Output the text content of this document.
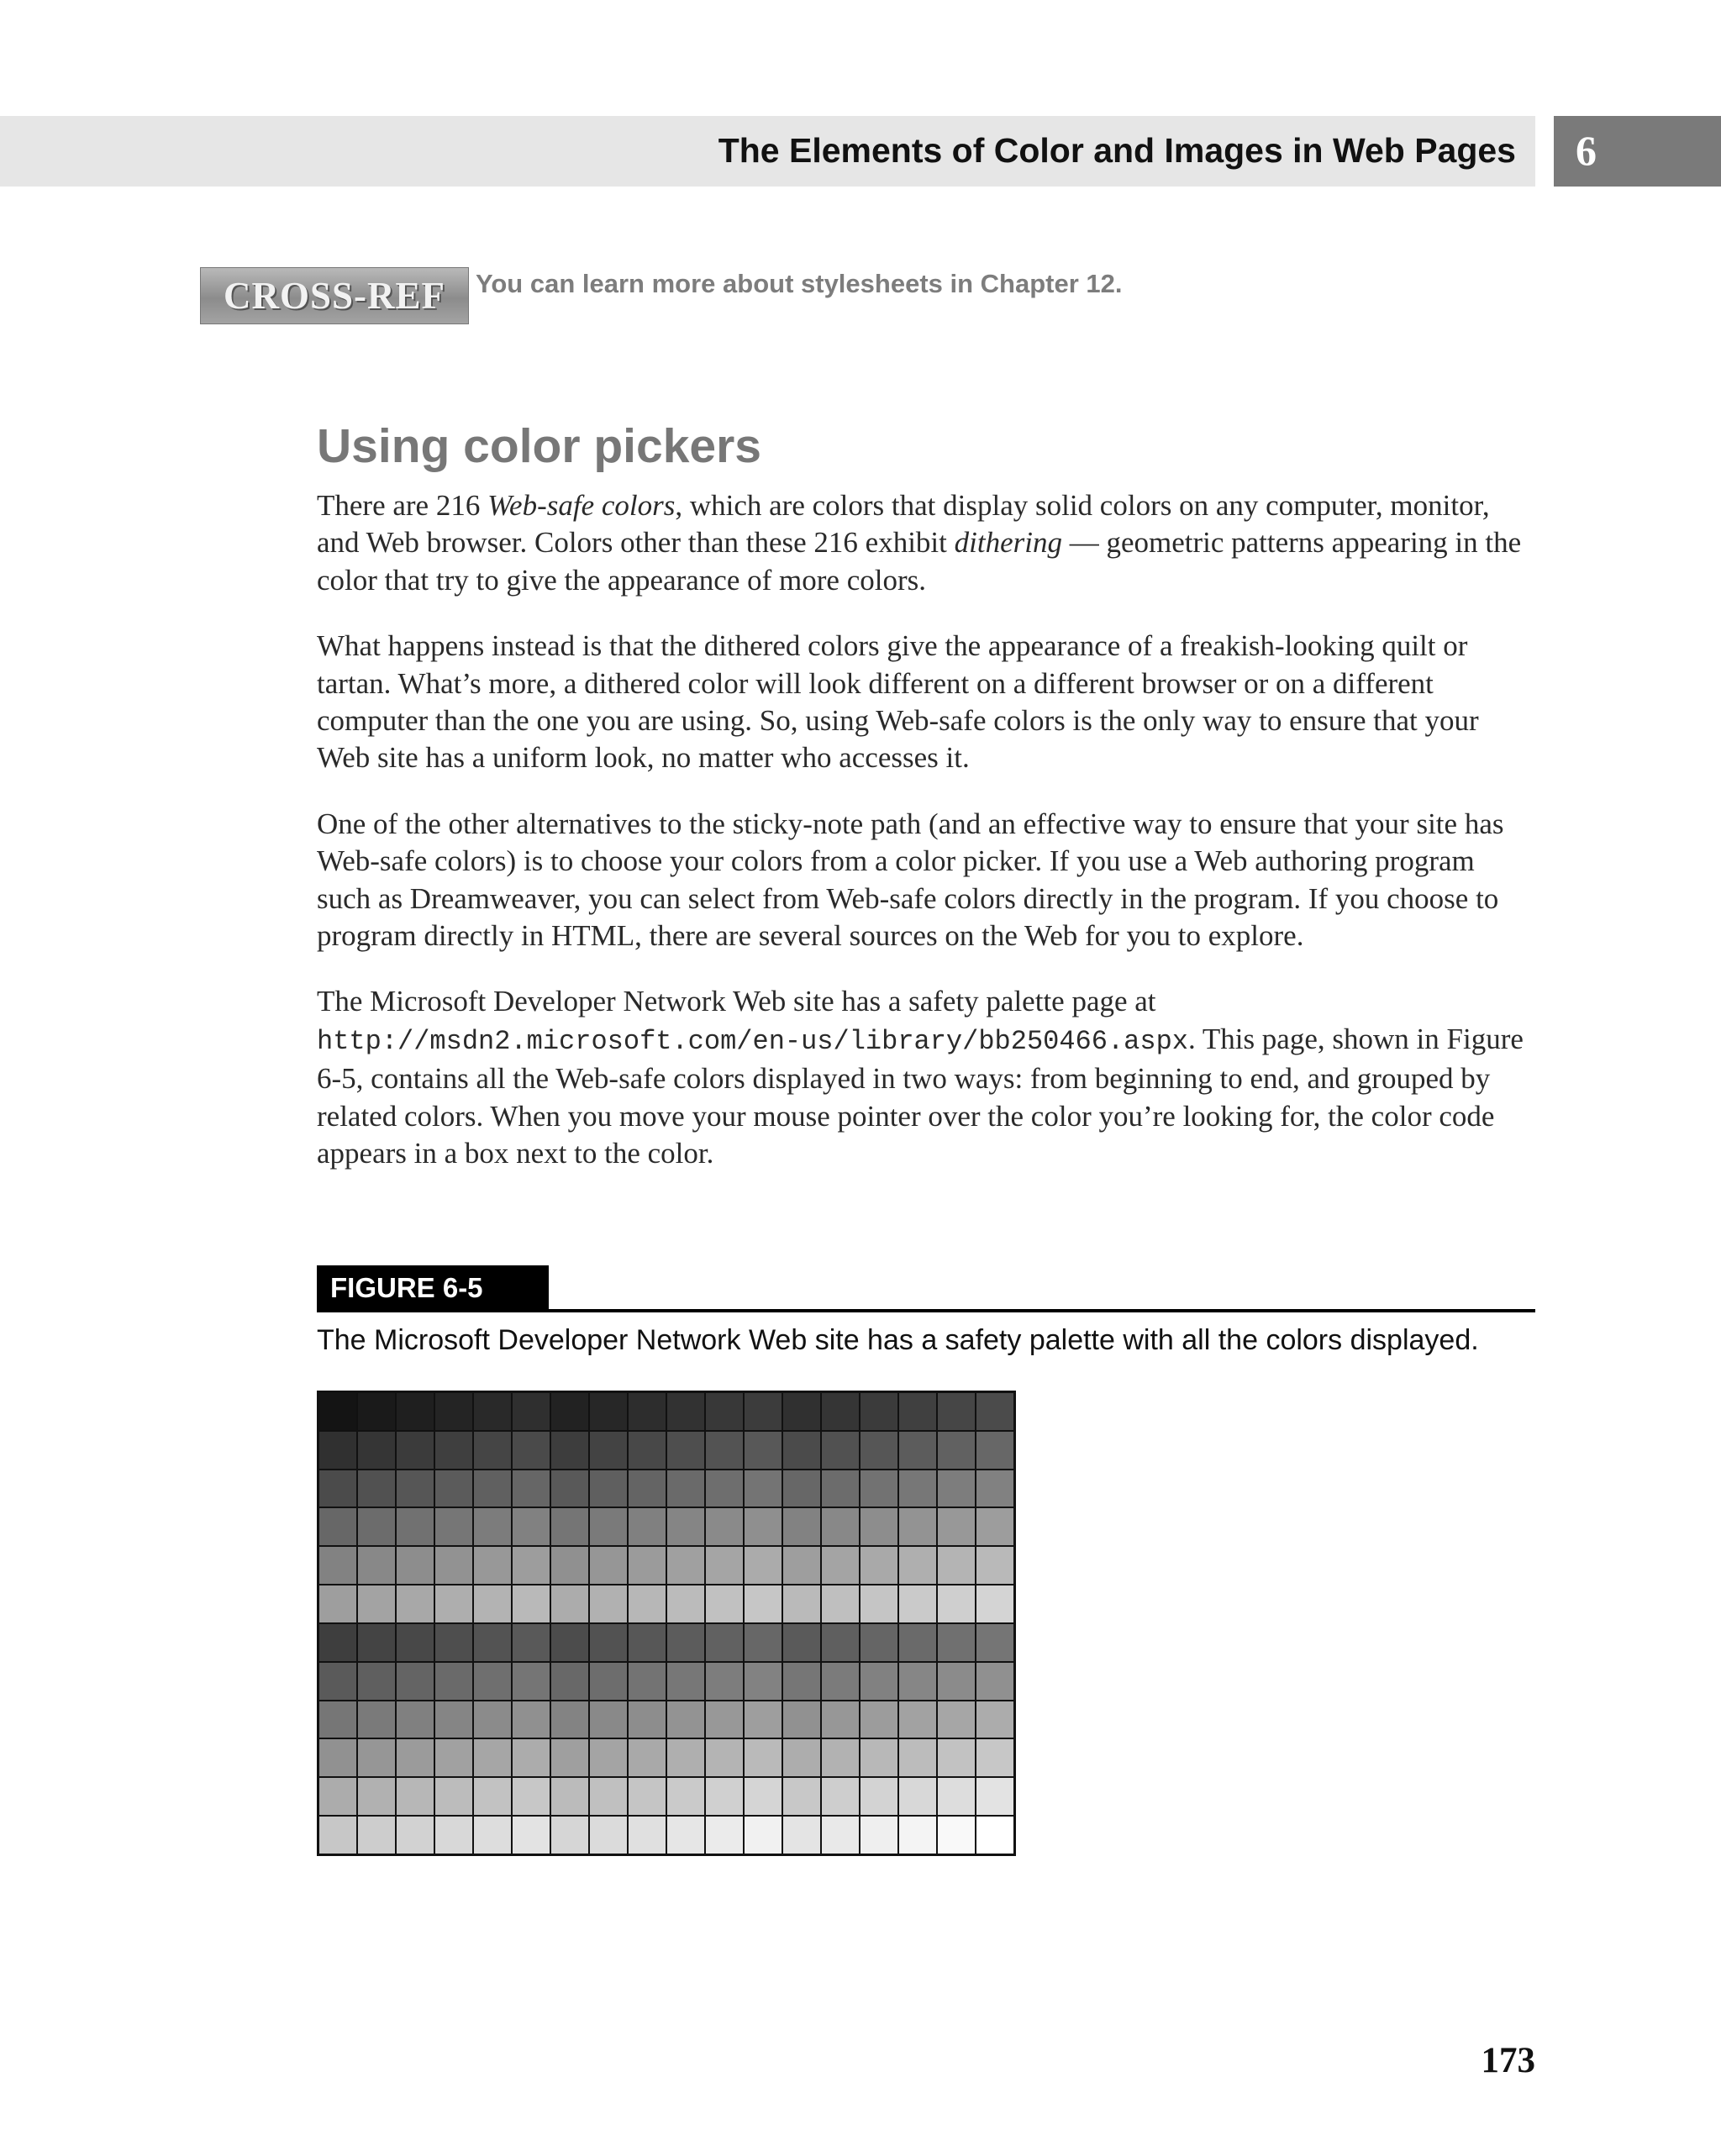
The Elements of Color and Images in Web Pages 6
CROSS-REF	You can learn more about stylesheets in Chapter 12.
Using color pickers

There are 216 Web-safe colors, which are colors that display solid colors on any computer, monitor, and Web browser. Colors other than these 216 exhibit dithering — geometric patterns appearing in the color that try to give the appearance of more colors.

What happens instead is that the dithered colors give the appearance of a freakish-looking quilt or tartan. What’s more, a dithered color will look different on a different browser or on a different computer than the one you are using. So, using Web-safe colors is the only way to ensure that your Web site has a uniform look, no matter who accesses it.

One of the other alternatives to the sticky-note path (and an effective way to ensure that your site has Web-safe colors) is to choose your colors from a color picker. If you use a Web authoring program such as Dreamweaver, you can select from Web-safe colors directly in the program. If you choose to program directly in HTML, there are several sources on the Web for you to explore.

The Microsoft Developer Network Web site has a safety palette page at http://msdn2.microsoft.com/en-us/library/bb250466.aspx. This page, shown in Figure 6-5, contains all the Web-safe colors displayed in two ways: from beginning to end, and grouped by related colors. When you move your mouse pointer over the color you’re looking for, the color code appears in a box next to the color.

FIGURE 6-5
The Microsoft Developer Network Web site has a safety palette with all the colors displayed.
173
